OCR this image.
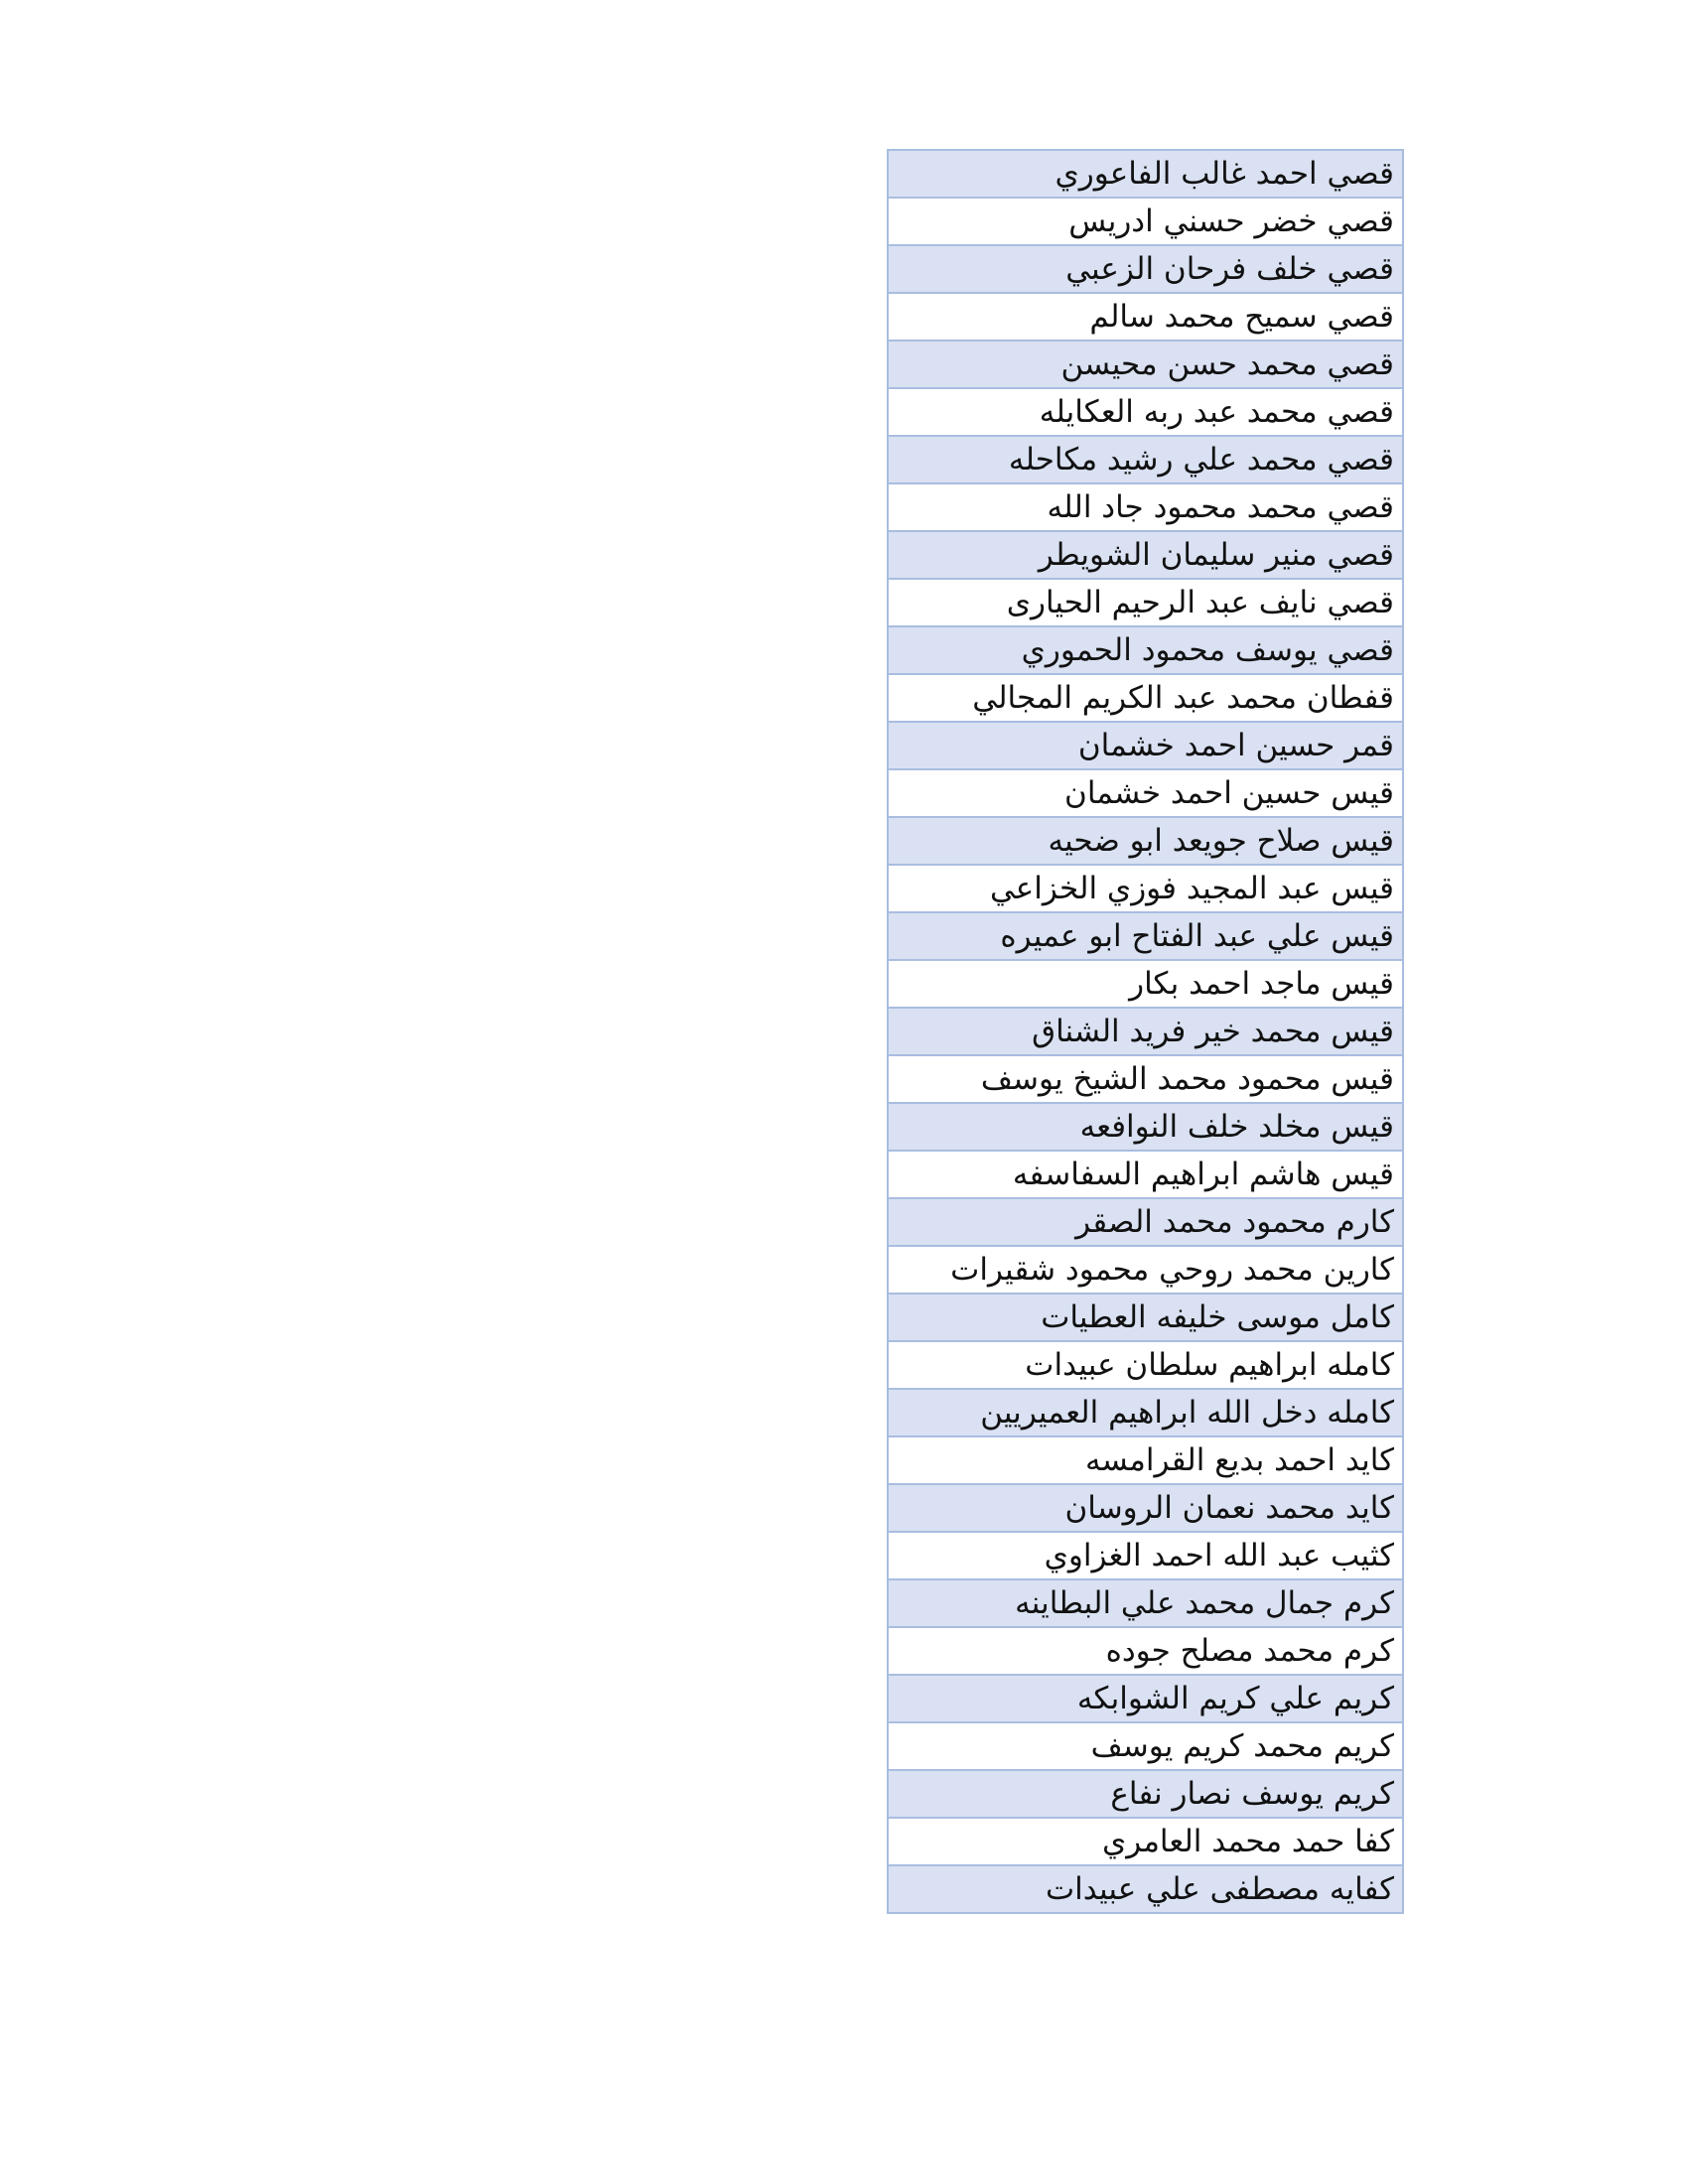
قصي احمد غالب الفاعوري
قصي خضر حسني ادريس
قصي خلف فرحان الزعبي
قصي سميح محمد سالم
قصي محمد حسن محيسن
قصي محمد عبد ربه العكايله
قصي محمد علي رشيد مكاحله
قصي محمد محمود جاد الله
قصي منير سليمان الشويطر
قصي نايف عبد الرحيم الحيارى
قصي يوسف محمود الحموري
قفطان محمد عبد الكريم المجالي
قمر حسين احمد خشمان
قيس حسين احمد خشمان
قيس صلاح جويعد ابو ضحيه
قيس عبد المجيد فوزي الخزاعي
قيس علي عبد الفتاح ابو عميره
قيس ماجد احمد بكار
قيس محمد خير فريد الشناق
قيس محمود محمد الشيخ يوسف
قيس مخلد خلف النوافعه
قيس هاشم ابراهيم السفاسفه
كارم محمود محمد الصقر
كارين محمد روحي محمود شقيرات
كامل موسى خليفه العطيات
كامله ابراهيم سلطان عبيدات
كامله دخل الله ابراهيم العميريين
كايد احمد بديع القرامسه
كايد محمد نعمان الروسان
كثيب عبد الله احمد الغزاوي
كرم جمال محمد علي البطاينه
كرم محمد مصلح جوده
كريم علي كريم الشوابكه
كريم محمد كريم يوسف
كريم يوسف نصار نفاع
كفا حمد محمد العامري
كفايه مصطفى علي عبيدات
